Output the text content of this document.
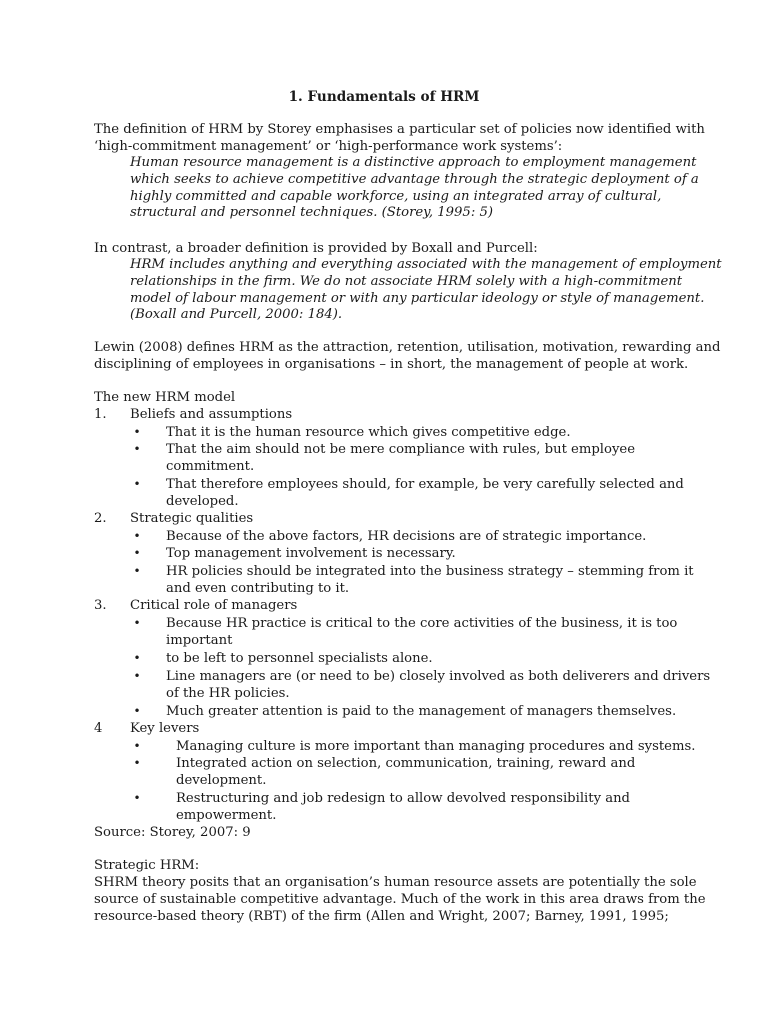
1. Fundamentals of HRM
The definition of HRM by Storey emphasises a particular set of policies now identified with
‘high-commitment management’ or ‘high-performance work systems’:
Human resource management is a distinctive approach to employment management
which seeks to achieve competitive advantage through the strategic deployment of a
highly committed and capable workforce, using an integrated array of cultural,
structural and personnel techniques. (Storey, 1995: 5)
In contrast, a broader definition is provided by Boxall and Purcell:
HRM includes anything and everything associated with the management of employment
relationships in the firm. We do not associate HRM solely with a high-commitment
model of labour management or with any particular ideology or style of management.
(Boxall and Purcell, 2000: 184).
Lewin (2008) defines HRM as the attraction, retention, utilisation, motivation, rewarding and
disciplining of employees in organisations – in short, the management of people at work.
The new HRM model
1. Beliefs and assumptions
• That it is the human resource which gives competitive edge.
• That the aim should not be mere compliance with rules, but employee
commitment.
• That therefore employees should, for example, be very carefully selected and
developed.
2. Strategic qualities
• Because of the above factors, HR decisions are of strategic importance.
• Top management involvement is necessary.
• HR policies should be integrated into the business strategy – stemming from it
and even contributing to it.
3. Critical role of managers
• Because HR practice is critical to the core activities of the business, it is too
important
• to be left to personnel specialists alone.
• Line managers are (or need to be) closely involved as both deliverers and drivers
of the HR policies.
• Much greater attention is paid to the management of managers themselves.
4 Key levers
•	Managing culture is more important than managing procedures and systems.
•	Integrated action on selection, communication, training, reward and
development.
•	Restructuring and job redesign to allow devolved responsibility and
empowerment.
Source: Storey, 2007: 9
Strategic HRM:
SHRM theory posits that an organisation’s human resource assets are potentially the sole
source of sustainable competitive advantage. Much of the work in this area draws from the
resource-based theory (RBT) of the firm (Allen and Wright, 2007; Barney, 1991, 1995;
